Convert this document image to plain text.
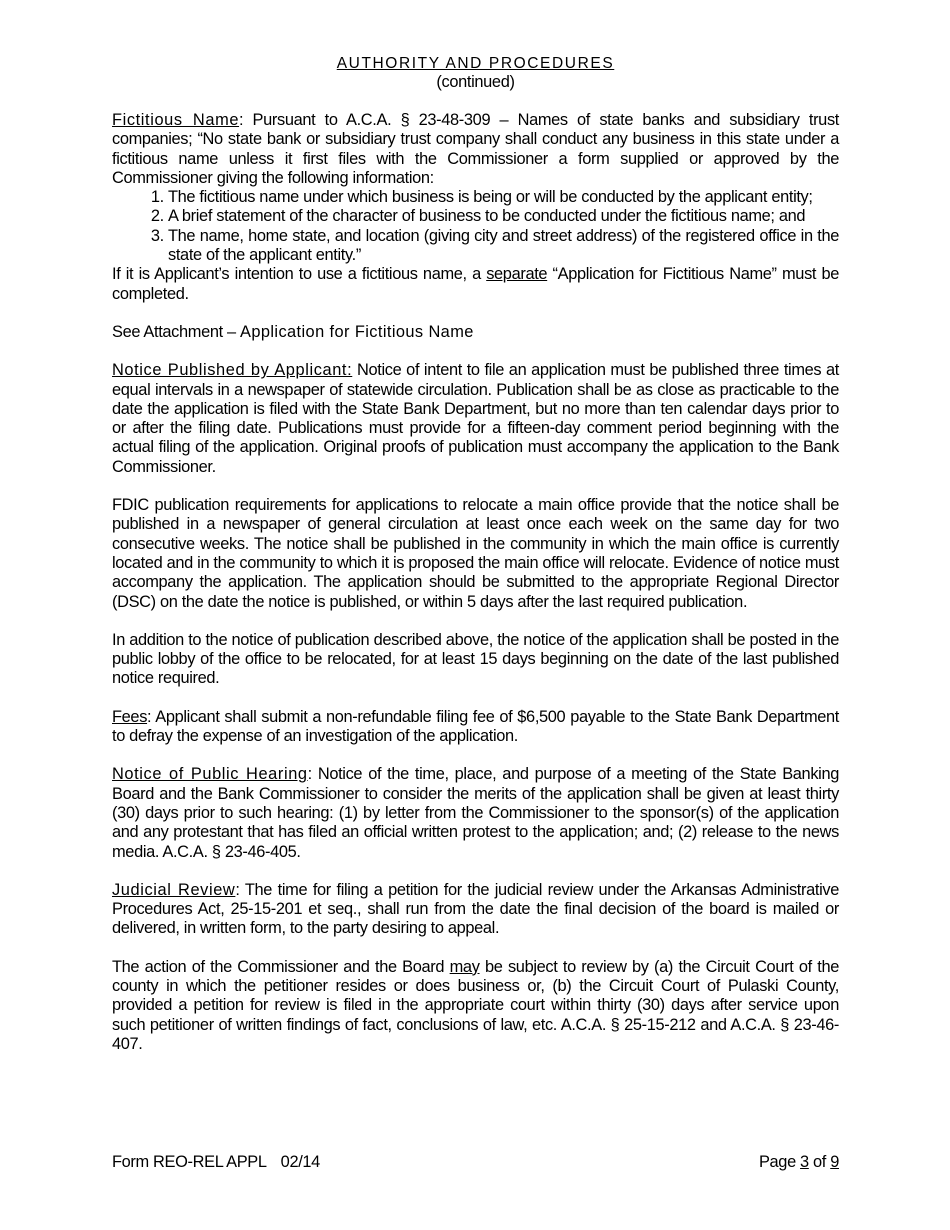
AUTHORITY AND PROCEDURES
(continued)

Fictitious Name: Pursuant to A.C.A. § 23-48-309 – Names of state banks and subsidiary trust companies; “No state bank or subsidiary trust company shall conduct any business in this state under a fictitious name unless it first files with the Commissioner a form supplied or approved by the Commissioner giving the following information:

1. The fictitious name under which business is being or will be conducted by the applicant entity;
2. A brief statement of the character of business to be conducted under the fictitious name; and
3. The name, home state, and location (giving city and street address) of the registered office in the state of the applicant entity.”

If it is Applicant’s intention to use a fictitious name, a separate “Application for Fictitious Name” must be completed.

See Attachment – Application for Fictitious Name

Notice Published by Applicant: Notice of intent to file an application must be published three times at equal intervals in a newspaper of statewide circulation. Publication shall be as close as practicable to the date the application is filed with the State Bank Department, but no more than ten calendar days prior to or after the filing date. Publications must provide for a fifteen-day comment period beginning with the actual filing of the application. Original proofs of publication must accompany the application to the Bank Commissioner.

FDIC publication requirements for applications to relocate a main office provide that the notice shall be published in a newspaper of general circulation at least once each week on the same day for two consecutive weeks. The notice shall be published in the community in which the main office is currently located and in the community to which it is proposed the main office will relocate. Evidence of notice must accompany the application. The application should be submitted to the appropriate Regional Director (DSC) on the date the notice is published, or within 5 days after the last required publication.

In addition to the notice of publication described above, the notice of the application shall be posted in the public lobby of the office to be relocated, for at least 15 days beginning on the date of the last published notice required.

Fees: Applicant shall submit a non-refundable filing fee of $6,500 payable to the State Bank Department to defray the expense of an investigation of the application.

Notice of Public Hearing: Notice of the time, place, and purpose of a meeting of the State Banking Board and the Bank Commissioner to consider the merits of the application shall be given at least thirty (30) days prior to such hearing: (1) by letter from the Commissioner to the sponsor(s) of the application and any protestant that has filed an official written protest to the application; and; (2) release to the news media. A.C.A. § 23-46-405.

Judicial Review: The time for filing a petition for the judicial review under the Arkansas Administrative Procedures Act, 25-15-201 et seq., shall run from the date the final decision of the board is mailed or delivered, in written form, to the party desiring to appeal.

The action of the Commissioner and the Board may be subject to review by (a) the Circuit Court of the county in which the petitioner resides or does business or, (b) the Circuit Court of Pulaski County, provided a petition for review is filed in the appropriate court within thirty (30) days after service upon such petitioner of written findings of fact, conclusions of law, etc. A.C.A. § 25-15-212 and A.C.A. § 23-46-407.

Form REO-REL APPL 02/14	Page 3 of 9
